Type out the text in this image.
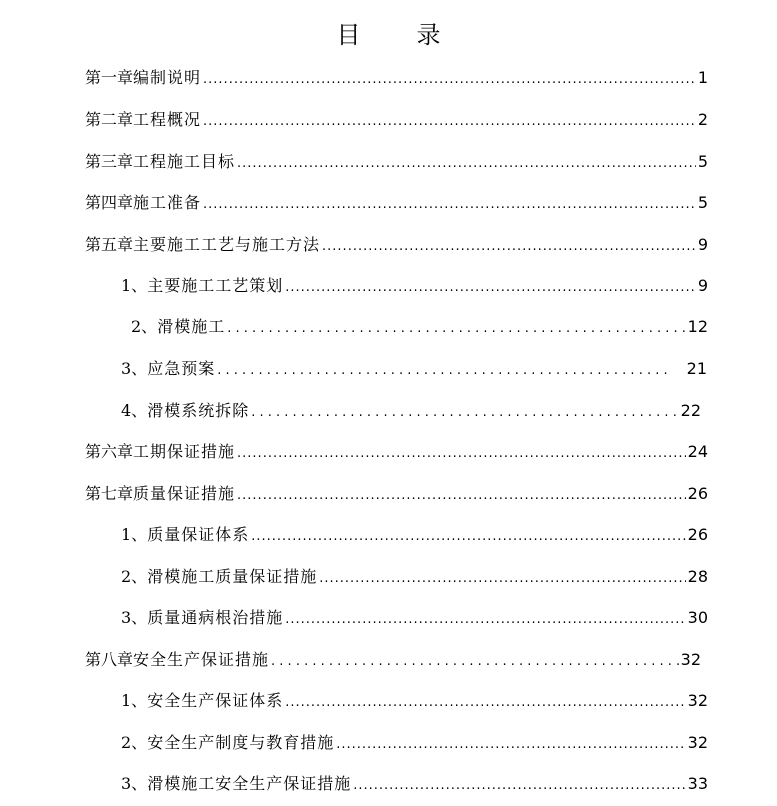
目 录
第一章 编制说明 .....	1
第二章 工程概况 .....	2
第三章 工程施工目标 .....	5
第四章 施工准备 .....	5
第五章 主要施工工艺与施工方法 .....	9
1、 主要施工工艺策划 .....	9
2、 滑模施工 . . .	12
3、 应急预案 . . .	21
4、 滑模系统拆除 . . .	22
第六章 工期保证措施 .....	24
第七章 质量保证措施 .....	26
1、 质量保证体系 .....	26
2、 滑模施工质量保证措施 .....	28
3、 质量通病根治措施 .....	30
第八章 安全生产保证措施 . . .	32
1、 安全生产保证体系 .....	32
2、 安全生产制度与教育措施 .....	32
3、 滑模施工安全生产保证措施 .....	33
